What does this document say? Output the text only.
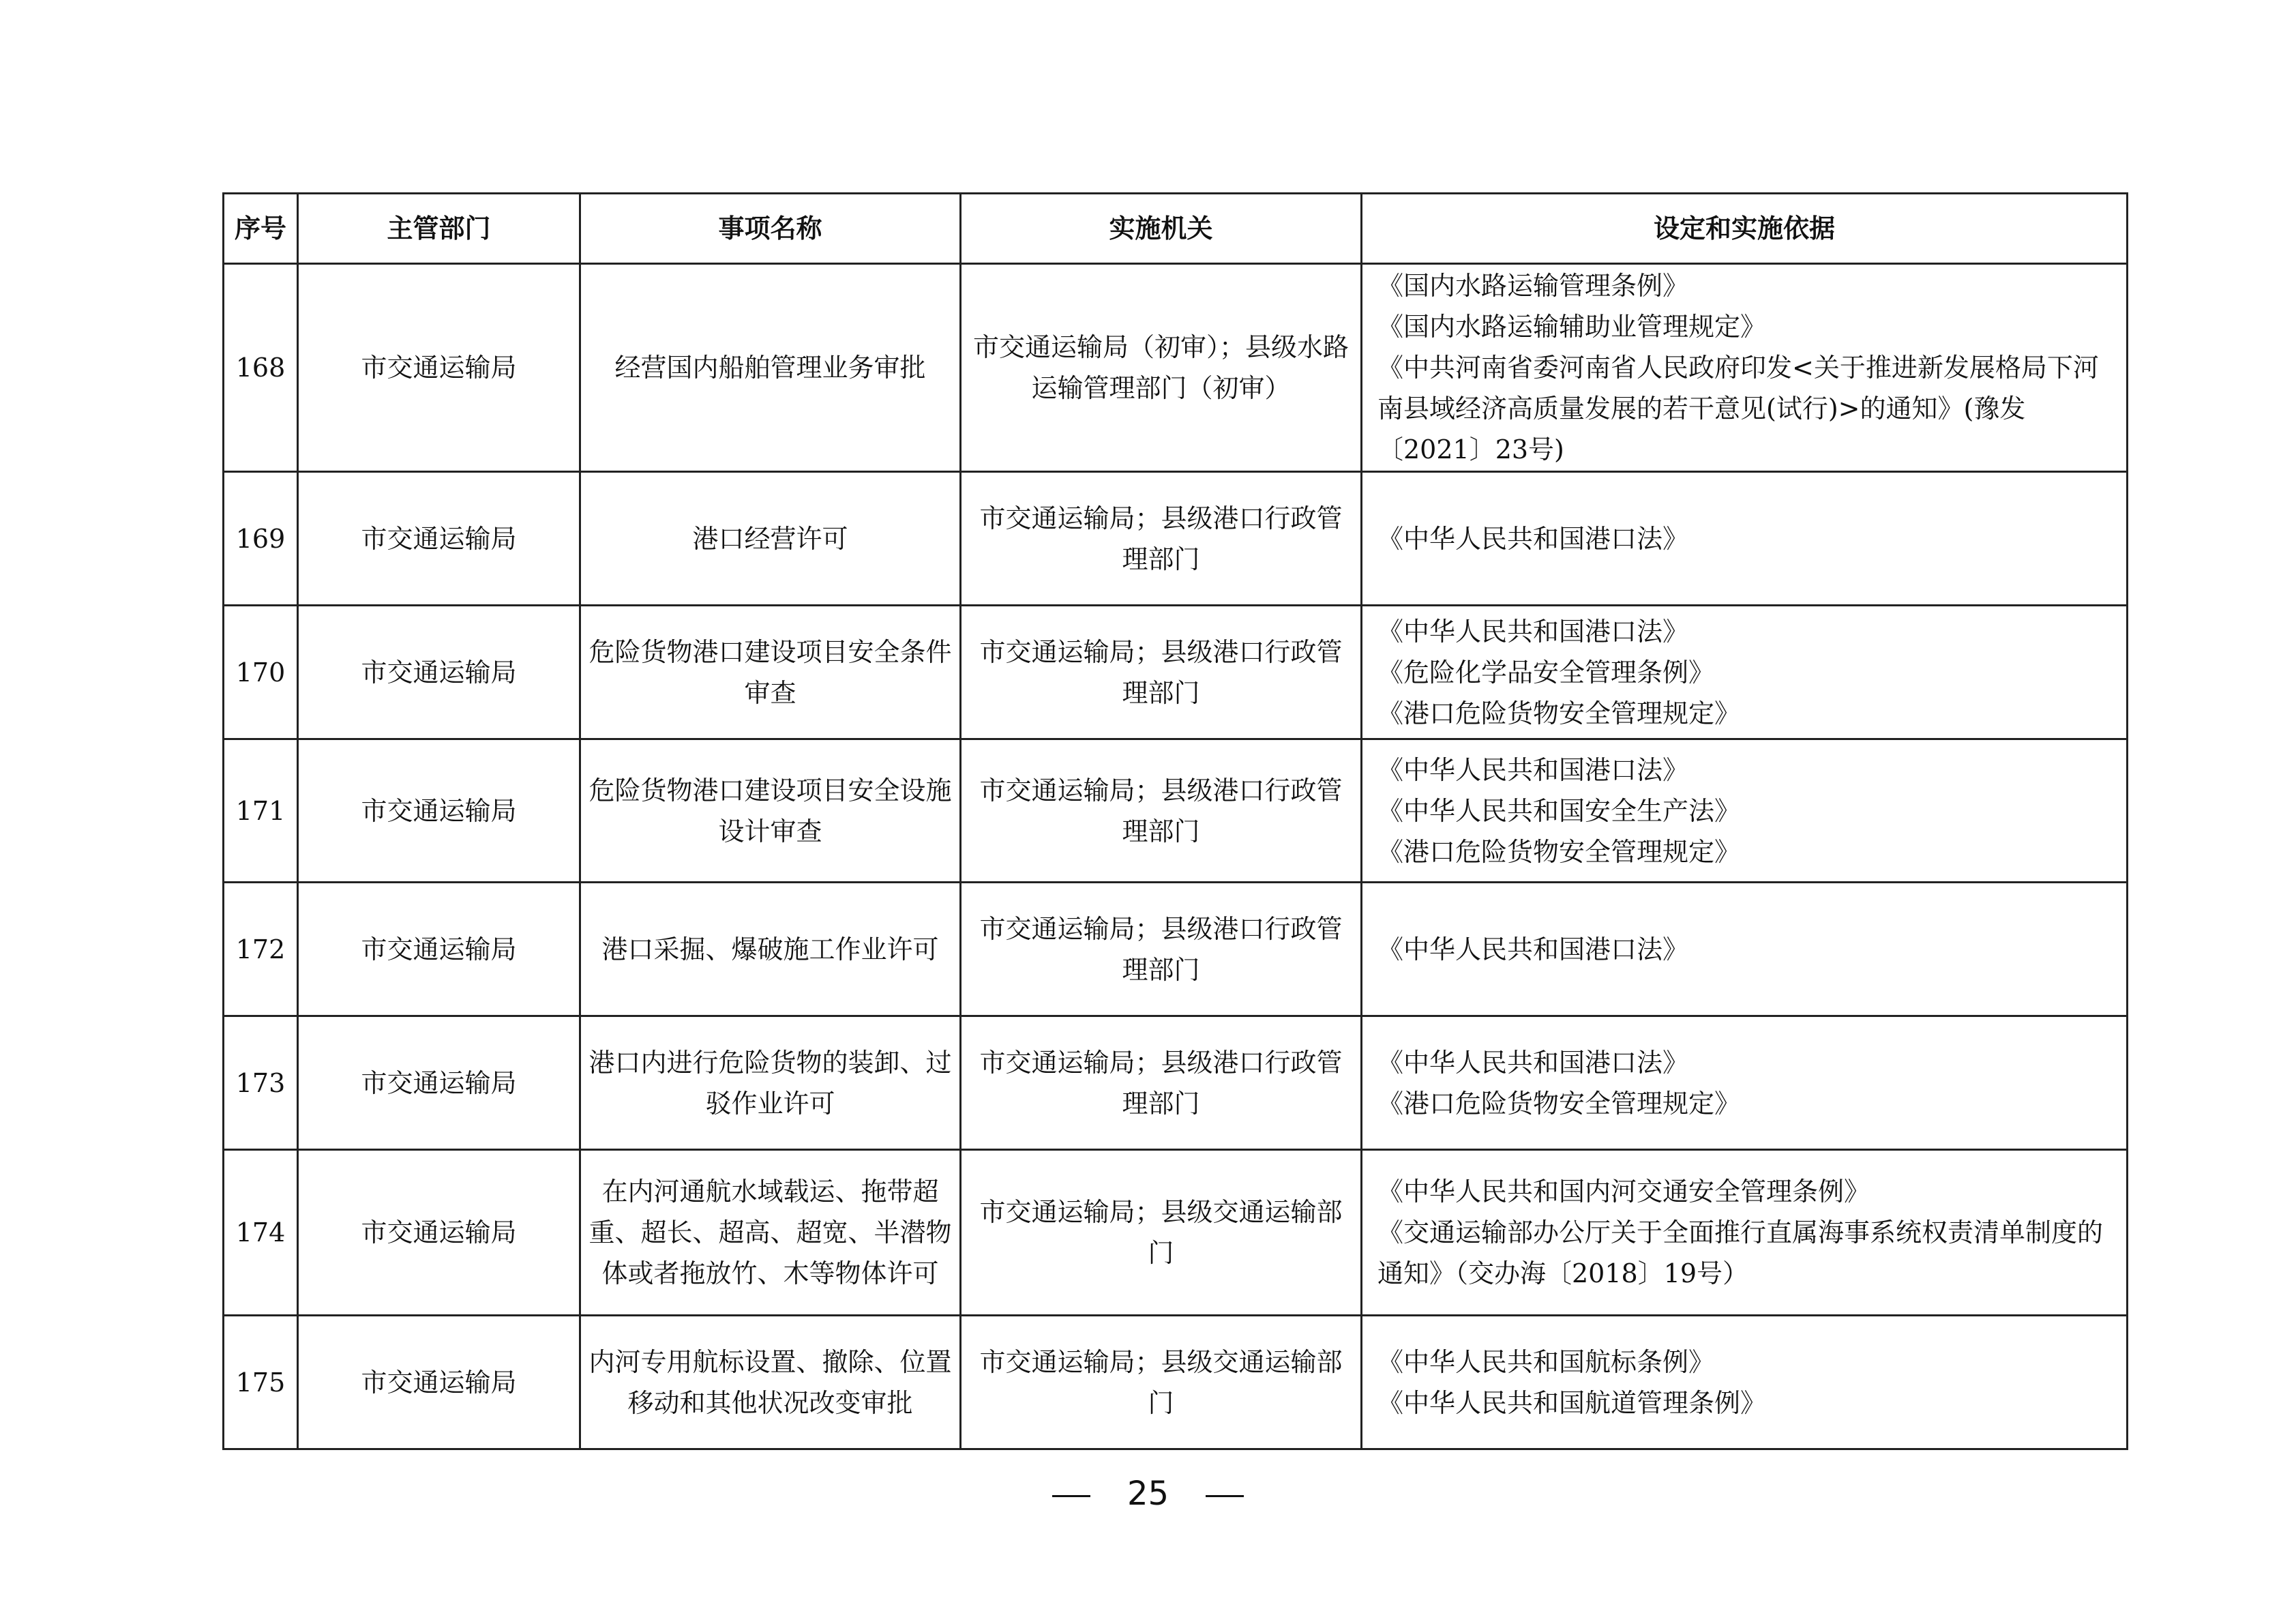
序号	主管部门	事项名称	实施机关	设定和实施依据
168	市交通运输局	经营国内船舶管理业务审批	市交通运输局（初审）；县级水路运输管理部门（初审）	《国内水路运输管理条例》
《国内水路运输辅助业管理规定》
《中共河南省委河南省人民政府印发<关于推进新发展格局下河南县域经济高质量发展的若干意见(试行)>的通知》(豫发〔2021〕23号)

169	市交通运输局	港口经营许可	市交通运输局；县级港口行政管理部门	《中华人民共和国港口法》

170	市交通运输局	危险货物港口建设项目安全条件审查	市交通运输局；县级港口行政管理部门	《中华人民共和国港口法》
《危险化学品安全管理条例》
《港口危险货物安全管理规定》

171	市交通运输局	危险货物港口建设项目安全设施设计审查	市交通运输局；县级港口行政管理部门	《中华人民共和国港口法》
《中华人民共和国安全生产法》
《港口危险货物安全管理规定》

172	市交通运输局	港口采掘、爆破施工作业许可	市交通运输局；县级港口行政管理部门	《中华人民共和国港口法》

173	市交通运输局	港口内进行危险货物的装卸、过驳作业许可	市交通运输局；县级港口行政管理部门	《中华人民共和国港口法》
《港口危险货物安全管理规定》

174	市交通运输局	在内河通航水域载运、拖带超重、超长、超高、超宽、半潜物体或者拖放竹、木等物体许可	市交通运输局；县级交通运输部门	《中华人民共和国内河交通安全管理条例》
《交通运输部办公厅关于全面推行直属海事系统权责清单制度的通知》（交办海〔2018〕19号）

175	市交通运输局	内河专用航标设置、撤除、位置移动和其他状况改变审批	市交通运输局；县级交通运输部门	《中华人民共和国航标条例》
《中华人民共和国航道管理条例》
25
